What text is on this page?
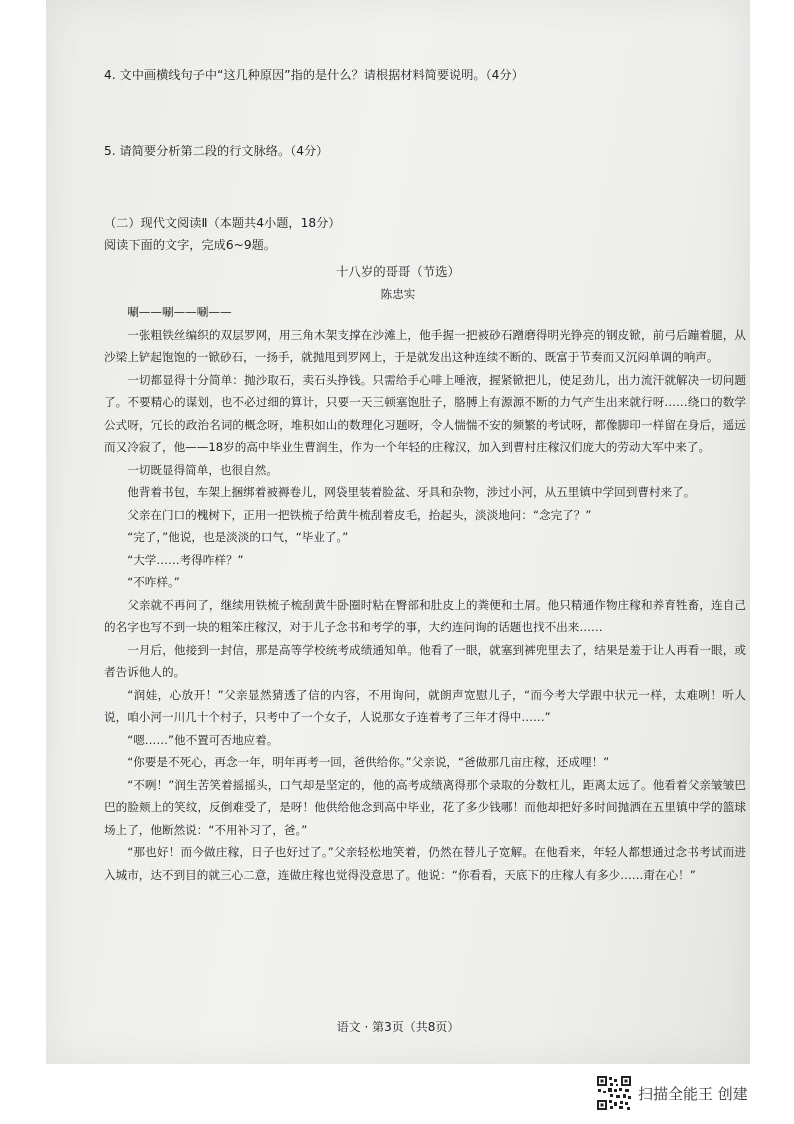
4. 文中画横线句子中“这几种原因”指的是什么？请根据材料简要说明。（4分）
5. 请简要分析第二段的行文脉络。（4分）
（二）现代文阅读Ⅱ（本题共4小题，18分）
阅读下面的文字，完成6~9题。
十八岁的哥哥（节选）
陈忠实

唰——唰——唰——

一张粗铁丝编织的双层罗网，用三角木架支撑在沙滩上，他手握一把被砂石蹭磨得明光铮亮的钢皮锨，前弓后蹦着腿，从沙梁上铲起饱饱的一锨砂石，一扬手，就抛甩到罗网上，于是就发出这种连续不断的、既富于节奏而又沉闷单调的响声。

一切都显得十分简单：抛沙取石，卖石头挣钱。只需给手心啡上唾液，握紧锨把儿，使足劲儿，出力流汗就解决一切问题了。不要精心的谋划，也不必过细的算计，只要一天三顿塞饱肚子，胳膊上有源源不断的力气产生出来就行呀……绕口的数学公式呀，冗长的政治名词的概念呀，堆积如山的数理化习题呀，令人惴惴不安的频繁的考试呀，都像脚印一样留在身后，遥远而又冷寂了，他——18岁的高中毕业生曹润生，作为一个年轻的庄稼汉，加入到曹村庄稼汉们庞大的劳动大军中来了。

一切既显得简单，也很自然。

他背着书包，车架上捆绑着被褥卷儿，网袋里装着脸盆、牙具和杂物，涉过小河，从五里镇中学回到曹村来了。

父亲在门口的槐树下，正用一把铁梳子给黄牛梳刮着皮毛，抬起头，淡淡地问：“念完了？”

“完了，”他说，也是淡淡的口气，“毕业了。”

“大学……考得咋样？”

“不咋样。”

父亲就不再问了，继续用铁梳子梳刮黄牛卧圈时粘在臀部和肚皮上的粪便和土屑。他只精通作物庄稼和养育牲畜，连自己的名字也写不到一块的粗笨庄稼汉，对于儿子念书和考学的事，大约连问询的话题也找不出来……

一月后，他接到一封信，那是高等学校统考成绩通知单。他看了一眼，就塞到裤兜里去了，结果是羞于让人再看一眼，或者告诉他人的。

“润娃，心放开！”父亲显然猜透了信的内容，不用询问，就朗声宽慰儿子，“而今考大学跟中状元一样，太难咧！听人说，咱小河一川几十个村子，只考中了一个女子，人说那女子连着考了三年才得中……”

“嗯……”他不置可否地应着。

“你要是不死心，再念一年，明年再考一回，爸供给你。”父亲说，“爸做那几亩庄稼，还成哩！”

“不咧！”润生苦笑着摇摇头，口气却是坚定的，他的高考成绩离得那个录取的分数杠儿，距离太远了。他看着父亲皱皱巴巴的脸颊上的笑纹，反倒难受了，是呀！他供给他念到高中毕业，花了多少钱哪！而他却把好多时间抛洒在五里镇中学的篮球场上了，他断然说：“不用补习了，爸。”

“那也好！而今做庄稼，日子也好过了。”父亲轻松地笑着，仍然在替儿子宽解。在他看来，年轻人都想通过念书考试而进入城市，达不到目的就三心二意，连做庄稼也觉得没意思了。他说：“你看看，天底下的庄稼人有多少……甭在心！”

语文 · 第3页（共8页）
扫描全能王 创建
